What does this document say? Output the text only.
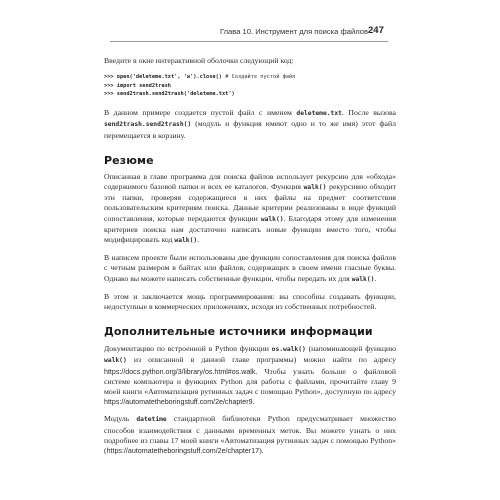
Глава 10. Инструмент для поиска файлов 247

Введите в окне интерактивной оболочки следующий код:

>>> open('deleteme.txt', 'w').close() # Создайте пустой файл
>>> import send2trash
>>> send2trash.send2trash('deleteme.txt')

В данном примере создается пустой файл с именем deleteme.txt. После вызова send2trash.send2trash() (модуль и функция имеют одно и то же имя) этот файл перемещается в корзину.

Резюме

Описанная в главе программа для поиска файлов использует рекурсию для «обхода» содержимого базовой папки и всех ее каталогов. Функция walk() рекурсивно обходит эти папки, проверяя содержащиеся в них файлы на предмет соответствия пользовательским критериям поиска. Данные критерии реализованы в виде функций сопоставления, которые передаются функции walk(). Благодаря этому для изменения критериев поиска нам достаточно написать новые функции вместо того, чтобы модифицировать код walk().

В напиcем проекте были использованы две функции сопоставления для поиска файлов с четным размером в байтах или файлов, содержащих в своем имени гласные буквы. Однако вы можете написать собственные функции, чтобы передать их для walk().

В этом и заключается мощь программирования: вы способны создавать функции, недоступные в коммерческих приложениях, исходя из собственных потребностей.

Дополнительные источники информации

Документацию по встроенной в Python функции os.walk() (напоминающей функцию walk() из описанной в данной главе программы) можно найти по адресу https://docs.python.org/3/library/os.html#os.walk. Чтобы узнать больше о файловой системе компьютера и функциях Python для работы с файлами, прочитайте главу 9 моей книги «Автоматизация рутинных задач с помощью Python», доступную по адресу https://automatetheboringstuff.com/2e/chapter9.

Модуль datetime стандартной библиотеки Python предусматривает множество способов взаимодействия с данными временных меток. Вы можете узнать о них подробнее из главы 17 моей книги «Автоматизация рутинных задач с помощью Python» (https://automatetheboringstuff.com/2e/chapter17).
